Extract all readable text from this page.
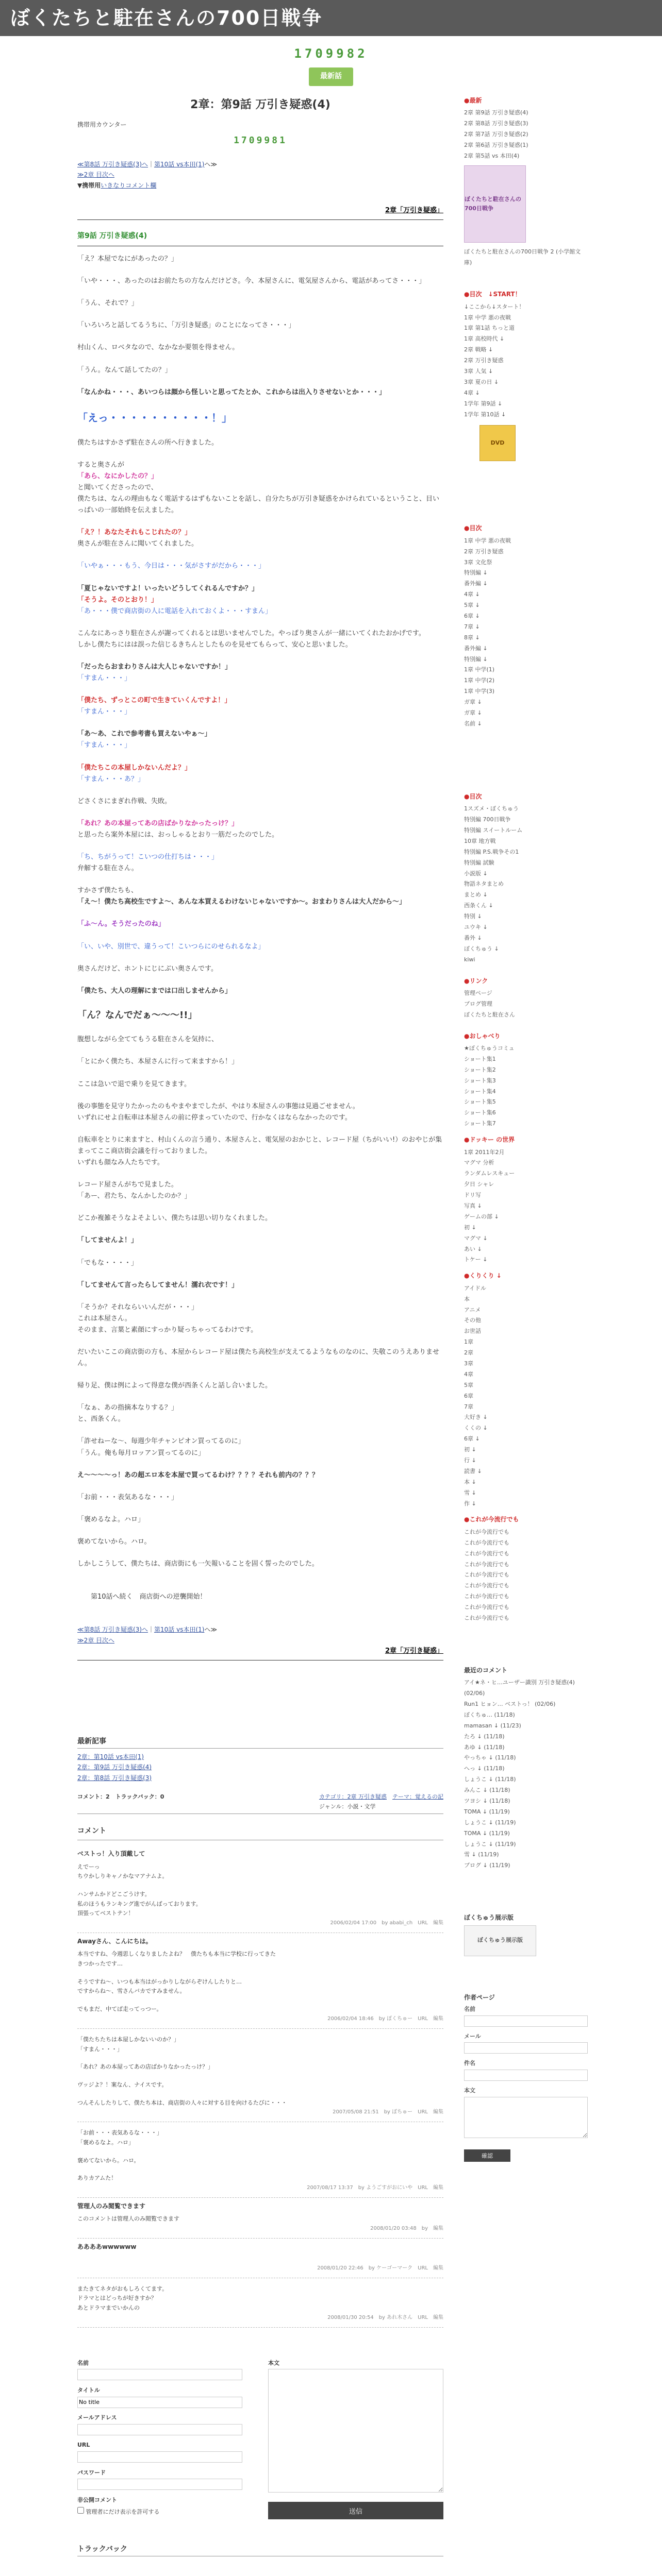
ぼくたちと駐在さんの700日戦争
1709982
最新話
2章：第9話 万引き疑惑(4)
携帯用カウンター
1709981
≪第8話 万引き疑惑(3)へ｜第10話 vs本田(1)へ≫
≫2章 目次へ
▼携帯用いきなりコメント欄
2章「万引き疑惑」
第9話 万引き疑惑(4)
「え？本屋でなにがあったの？」
「いや・・・、あったのはお前たちの方なんだけどさ。今、本屋さんに、電気屋さんから、電話があってさ・・・」
「うん、それで？」
「いろいろと話してるうちに、「万引き疑惑」のことになってさ・・・」
村山くん、ロベタなので、なかなか要領を得ません。
「うん。なんて話してたの？」
「なんかね・・・、あいつらは顔から怪しいと思ってたとか、これからは出入りさせないとか・・・」
「えっ・・・・・・・・・・！」
僕たちはすかさず駐在さんの所へ行きました。
すると奥さんが
「あら、なにかしたの？」
と聞いてくださったので、
僕たちは、なんの理由もなく電話するはずもないことを話し、自分たちが万引き疑惑をかけられているということ、目いっぱいの一部始終を伝えました。
「え？！あなたそれもこじれたの？」
奥さんが駐在さんに聞いてくれました。
「いやぁ・・・もう、今日は・・・気がさすがだから・・・」
「夏じゃないですよ！いったいどうしてくれるんですか？」
「そうよ。そのとおり！」
「あ・・・僕で商店街の人に電話を入れておくよ・・・すまん」
こんなにあっさり駐在さんが謝ってくれるとは思いませんでした。やっぱり奥さんが一緒にいてくれたおかげです。
しかし僕たちにはは誤った信じるきちんとしたものを見せてもらって、安心と思いました。
「だったらおまわりさんは大人じゃないですか！」
「すまん・・・」
「僕たち、ずっとこの町で生きていくんですよ！」
「すまん・・・」
「あ〜あ、これで参考書も買えないやぁ〜」
「すまん・・・」
「僕たちこの本屋しかないんだよ？」
「すまん・・・あ？」
どさくさにまぎれ作戦、失敗。
「あれ？あの本屋ってあの店ばかりなかったっけ？」
と思ったら案外本屋には、おっしゃるとおり一筋だったのでした。
「ち、ちがうって！こいつの仕打ちは・・・」
弁解する駐在さん。
すかさず僕たちも、
「え〜！僕たち高校生ですよ〜、あんな本買えるわけないじゃないですか〜。おまわりさんは大人だから〜」
「ふ〜ん。そうだったのね」
「い、いや、別世で、違うって！こいつらにのせられるなよ」
奥さんだけど、ホントにじにぶい奥さんです。
「僕たち、大人の理解にまでは口出しませんから」
「ん？なんでだぁ〜〜〜!!」
腹想しながら全ててもうる駐在さんを気持に、
「とにかく僕たち、本屋さんに行って来ますから！」
ここは急いで退で乗りを見てきます。
後の事態を見守りたかったのもやまやまでしたが、やはり本屋さんの事態は見過ごせません。
いずれにせよ自転車は本屋さんの前に停まっていたので、行かなくはならなかったのです。
自転車をとりに来ますと、村山くんの言う通り、本屋さんと、電気屋のおかじと、レコード屋（ちがいい!）のおやじが集まってここ商店街会議を行っておりました。
いずれも顔なみ人たちです。
レコード屋さんがちで見ました。
「あー、君たち、なんかしたのか？」
どこか複雑そうなよそよしい、僕たちは思い切りなくれました。
「してませんよ！」
「でもな・・・・」
「してませんて言ったらしてません！濡れ衣です！」
「そうか？それならいいんだが・・・」
これは本屋さん。
そのまま、言葉と素顔にすっかり疑っちゃってるわけです。
だいたいここの商店街の方も、本屋からレコード屋は僕たち高校生が支えてるようなものなのに、失敬このうえありません。
帰り足、僕は例によって得意な僕が西条くんと話し合いました。
「なぁ、あの指摘本なりする？」
と、西条くん。
「詐せねーな〜、毎週少年チャンピオン買ってるのに」
「うん。俺も毎月ロッアン買ってるのに」
え〜〜〜〜っ！あの超エロ本を本屋で買ってるわけ？？？？それも前内の？？？
「お前・・・表気あるな・・・」
「褒めるなよ。ハロ」
褒めてないから。ハロ。
しかしこうして、僕たちは、商店街にも一矢報いることを固く誓ったのでした。
　　第10話へ続く　商店街への逆襲開始！
≪第8話 万引き疑惑(3)へ｜第10話 vs本田(1)へ≫
≫2章 目次へ
2章「万引き疑惑」
最新記事
2章：第10話 vs本田(1)
2章：第9話 万引き疑惑(4)
2章：第8話 万引き疑惑(3)
コメント：2　トラックバック：0	カテゴリ：2章 万引き疑惑　 テーマ：覚えるの記
ジャンル：小説・文学
コメント
ベストっ！入り頂戴して
えでーっ
ちウかしりキャノかなマアナムよ。
ハンサムかドどこごうけす。
私のほうもランキング進でがんばっております。
頂張ってベストテン！
2006/02/04 17:00　by ababi_ch　URL　編集
Awayさん、こんにちは。
本当ですね、今週思しくなりましたよね？　僕たちも本当に学校に行ってきた
きつかったです…
そうですね〜、いつも本当はがっかりしながらぞけんしたりと…
ですからね〜、雪さんバカですみません。
でもまだ、中てば走ってっつー。
2006/02/04 18:46　by ぼくちゅー　URL　編集
「僕たちたちは本屋しかないいのか？」
「すまん・・・」
「あれ？あの本屋ってあの店ばかりなかったっけ？」
ヴッジよ？！案なん、ナイスです。
つんそんしたりして、僕たち本は、商店街の人々に対する目を向けるたびに・・・
2007/05/08 21:51　by ぼちゅー　URL　編集
「お前・・・表気あるな・・・」
「褒めるなよ。ハロ」
褒めてないから。ハロ。
ありカアムた！
2007/08/17 13:37　by ようごすがおにいや　URL　編集
管理人のみ閲覧できます
このコメントは管理人のみ閲覧できます
2008/01/20 03:48　by　編集
ああああwwwwww
2008/01/20 22:46　by ケーゴーマーク　URL　編集
またきてネタがおもしろくてます。
ドラマとはどっちが好きすか？
あとドラマまでいかんの
2008/01/30 20:54　by あれ木さん　URL　編集
名前
タイトル
No title
メールアドレス
URL
パスワード
非公開コメント
管理者にだけ表示を許可する
本文
送信
トラックバック
●最新
2章 第9話 万引き疑惑(4)
2章 第8話 万引き疑惑(3)
2章 第7話 万引き疑惑(2)
2章 第6話 万引き疑惑(1)
2章 第5話 vs 本田(4)
ぼくたちと駐在さんの700日戦争
ぼくたちと駐在さんの700日戦争 2 (小学館文庫)
●目次　↓START！
↓ここから↓スタート！
1章 中学 悪の夜戦
1章 第1話 ちっと道
1章 高校時代 ↓
2章 戦略 ↓
2章 万引き疑惑
3章 人気 ↓
3章 夏の日 ↓
4章 ↓
1学年 第9話 ↓
1学年 第10話 ↓
DVD
●目次
1章 中学 悪の夜戦
2章 万引き疑惑
3章 文化祭
特別編 ↓
番外編 ↓
4章 ↓
5章 ↓
6章 ↓
7章 ↓
8章 ↓
番外編 ↓
特別編 ↓
1章 中学(1)
1章 中学(2)
1章 中学(3)
ガ章 ↓
ガ章 ↓
名前 ↓
●目次
1スズメ・ぼくちゅう
特別編 700日戦争
特別編 スイートルーム
10章 地方戦
特別編 P.S.戦争その1
特別編 試験
小説版 ↓
物語ネタまとめ
まとめ ↓
西条くん ↓
特別 ↓
ユウキ ↓
番外 ↓
ぼくちゅう ↓
kiwi
●リンク
管理ページ
ブログ管理
ぼくたちと駐在さん
●おしゃべり
★ぼくちゅうコミュ
ショート集1
ショート集2
ショート集3
ショート集4
ショート集5
ショート集6
ショート集7
●ドッキー の世界
1章 2011年2月
マグマ 分析
ランダムレスキュー
夕日 シャレ
ドリ写
写真 ↓
ゲームの部 ↓
初 ↓
マグマ ↓
あい ↓
トケー ↓
●くりくり ↓
アイドル
本
アニメ
その他
お世話
1章
2章
3章
4章
5章
6章
7章
大好き ↓
くくの ↓
6章 ↓
初 ↓
行 ↓
読書 ↓
本 ↓
雪 ↓
作 ↓
●これが今流行でも
これが今流行でも
これが今流行でも
これが今流行でも
これが今流行でも
これが今流行でも
これが今流行でも
これが今流行でも
これが今流行でも
これが今流行でも
最近のコメント
アイ★ネ・ヒ…ユーザー識別 万引き疑惑(4) (02/06)
Run1 ヒョン… ベストっ！ (02/06)
ぼくちゅ… (11/18)
mamasan ↓ (11/23)
たろ ↓ (11/18)
あゆ ↓ (11/18)
やっちゃ ↓ (11/18)
へっ ↓ (11/18)
しょうこ ↓ (11/18)
みんこ ↓ (11/18)
ツヨシ ↓ (11/18)
TOMA ↓ (11/19)
しょうこ ↓ (11/19)
TOMA ↓ (11/19)
しょうこ ↓ (11/19)
雪 ↓ (11/19)
ブログ ↓ (11/19)
ぼくちゅう展示版
ぼくちゅう展示版
作者ページ
名前
メール
件名
本文
確認
